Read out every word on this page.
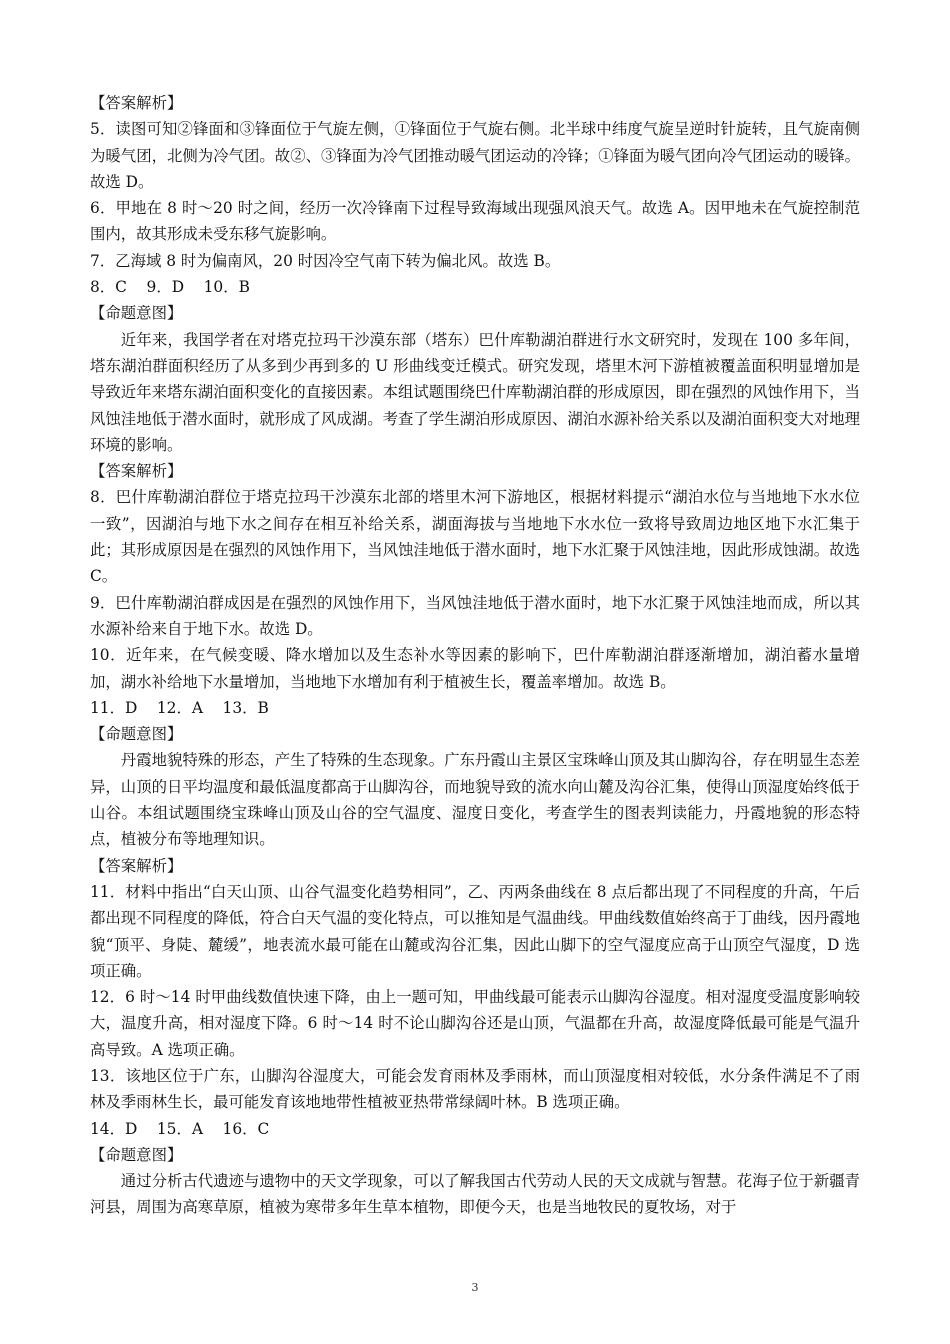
【答案解析】

5．读图可知②锋面和③锋面位于气旋左侧，①锋面位于气旋右侧。北半球中纬度气旋呈逆时针旋转，且气旋南侧为暖气团，北侧为冷气团。故②、③锋面为冷气团推动暖气团运动的冷锋；①锋面为暖气团向冷气团运动的暖锋。故选 D。

6．甲地在 8 时～20 时之间，经历一次冷锋南下过程导致海域出现强风浪天气。故选 A。因甲地未在气旋控制范围内，故其形成未受东移气旋影响。

7．乙海域 8 时为偏南风，20 时因冷空气南下转为偏北风。故选 B。

8．C    9．D    10．B

【命题意图】

近年来，我国学者在对塔克拉玛干沙漠东部（塔东）巴什库勒湖泊群进行水文研究时，发现在 100 多年间，塔东湖泊群面积经历了从多到少再到多的 U 形曲线变迁模式。研究发现，塔里木河下游植被覆盖面积明显增加是导致近年来塔东湖泊面积变化的直接因素。本组试题围绕巴什库勒湖泊群的形成原因，即在强烈的风蚀作用下，当风蚀洼地低于潜水面时，就形成了风成湖。考查了学生湖泊形成原因、湖泊水源补给关系以及湖泊面积变大对地理环境的影响。

【答案解析】

8．巴什库勒湖泊群位于塔克拉玛干沙漠东北部的塔里木河下游地区，根据材料提示“湖泊水位与当地地下水水位一致”，因湖泊与地下水之间存在相互补给关系，湖面海拔与当地地下水水位一致将导致周边地区地下水汇集于此；其形成原因是在强烈的风蚀作用下，当风蚀洼地低于潜水面时，地下水汇聚于风蚀洼地，因此形成蚀湖。故选 C。

9．巴什库勒湖泊群成因是在强烈的风蚀作用下，当风蚀洼地低于潜水面时，地下水汇聚于风蚀洼地而成，所以其水源补给来自于地下水。故选 D。

10．近年来，在气候变暖、降水增加以及生态补水等因素的影响下，巴什库勒湖泊群逐渐增加，湖泊蓄水量增加，湖水补给地下水量增加，当地地下水增加有利于植被生长，覆盖率增加。故选 B。

11．D    12．A    13．B

【命题意图】

丹霞地貌特殊的形态，产生了特殊的生态现象。广东丹霞山主景区宝珠峰山顶及其山脚沟谷，存在明显生态差异，山顶的日平均温度和最低温度都高于山脚沟谷，而地貌导致的流水向山麓及沟谷汇集，使得山顶湿度始终低于山谷。本组试题围绕宝珠峰山顶及山谷的空气温度、湿度日变化，考查学生的图表判读能力，丹霞地貌的形态特点，植被分布等地理知识。

【答案解析】

11．材料中指出“白天山顶、山谷气温变化趋势相同”，乙、丙两条曲线在 8 点后都出现了不同程度的升高，午后都出现不同程度的降低，符合白天气温的变化特点，可以推知是气温曲线。甲曲线数值始终高于丁曲线，因丹霞地貌“顶平、身陡、麓缓”，地表流水最可能在山麓或沟谷汇集，因此山脚下的空气湿度应高于山顶空气湿度，D 选项正确。

12．6 时～14 时甲曲线数值快速下降，由上一题可知，甲曲线最可能表示山脚沟谷湿度。相对湿度受温度影响较大，温度升高，相对湿度下降。6 时～14 时不论山脚沟谷还是山顶，气温都在升高，故湿度降低最可能是气温升高导致。A 选项正确。

13．该地区位于广东，山脚沟谷湿度大，可能会发育雨林及季雨林，而山顶湿度相对较低，水分条件满足不了雨林及季雨林生长，最可能发育该地地带性植被亚热带常绿阔叶林。B 选项正确。

14．D    15．A    16．C

【命题意图】

通过分析古代遗迹与遗物中的天文学现象，可以了解我国古代劳动人民的天文成就与智慧。花海子位于新疆青河县，周围为高寒草原，植被为寒带多年生草本植物，即便今天，也是当地牧民的夏牧场，对于

3
